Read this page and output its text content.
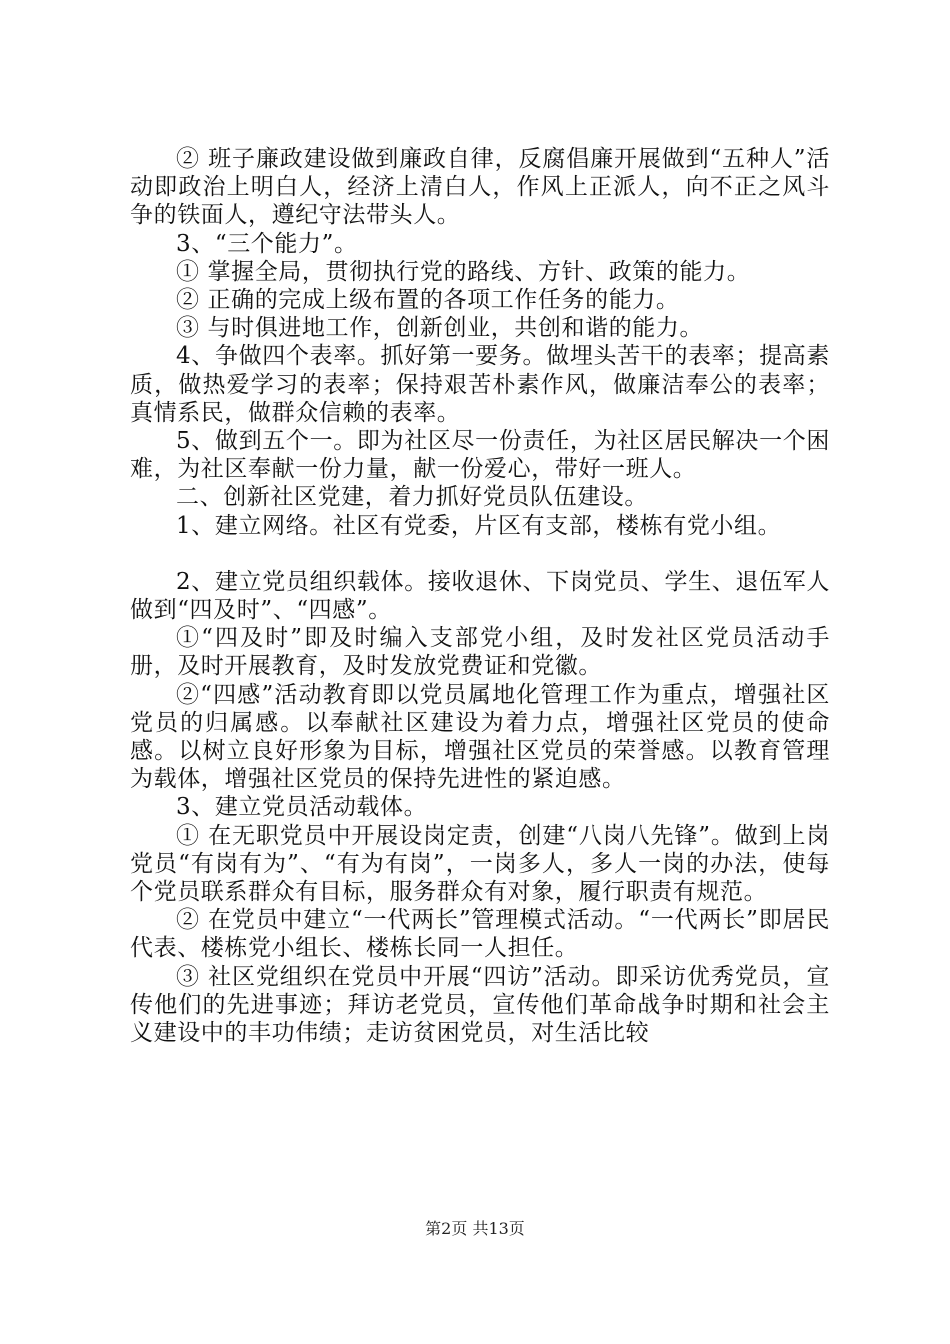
② 班子廉政建设做到廉政自律，反腐倡廉开展做到“五种人”活动即政治上明白人，经济上清白人，作风上正派人，向不正之风斗争的铁面人，遵纪守法带头人。

3、“三个能力”。

① 掌握全局，贯彻执行党的路线、方针、政策的能力。

② 正确的完成上级布置的各项工作任务的能力。

③ 与时俱进地工作，创新创业，共创和谐的能力。

4、争做四个表率。抓好第一要务。做埋头苦干的表率；提高素质，做热爱学习的表率；保持艰苦朴素作风，做廉洁奉公的表率；真情系民，做群众信赖的表率。

5、做到五个一。即为社区尽一份责任，为社区居民解决一个困难，为社区奉献一份力量，献一份爱心，带好一班人。

二、创新社区党建，着力抓好党员队伍建设。

1、建立网络。社区有党委，片区有支部，楼栋有党小组。

2、建立党员组织载体。接收退休、下岗党员、学生、退伍军人做到“四及时”、“四感”。

①“四及时”即及时编入支部党小组，及时发社区党员活动手册，及时开展教育，及时发放党费证和党徽。

②“四感”活动教育即以党员属地化管理工作为重点，增强社区党员的归属感。以奉献社区建设为着力点，增强社区党员的使命感。以树立良好形象为目标，增强社区党员的荣誉感。以教育管理为载体，增强社区党员的保持先进性的紧迫感。

3、建立党员活动载体。

① 在无职党员中开展设岗定责，创建“八岗八先锋”。做到上岗党员“有岗有为”、“有为有岗”，一岗多人，多人一岗的办法，使每个党员联系群众有目标，服务群众有对象，履行职责有规范。

② 在党员中建立“一代两长”管理模式活动。“一代两长”即居民代表、楼栋党小组长、楼栋长同一人担任。

③ 社区党组织在党员中开展“四访”活动。即采访优秀党员，宣传他们的先进事迹；拜访老党员，宣传他们革命战争时期和社会主义建设中的丰功伟绩；走访贫困党员，对生活比较

第2页 共13页
